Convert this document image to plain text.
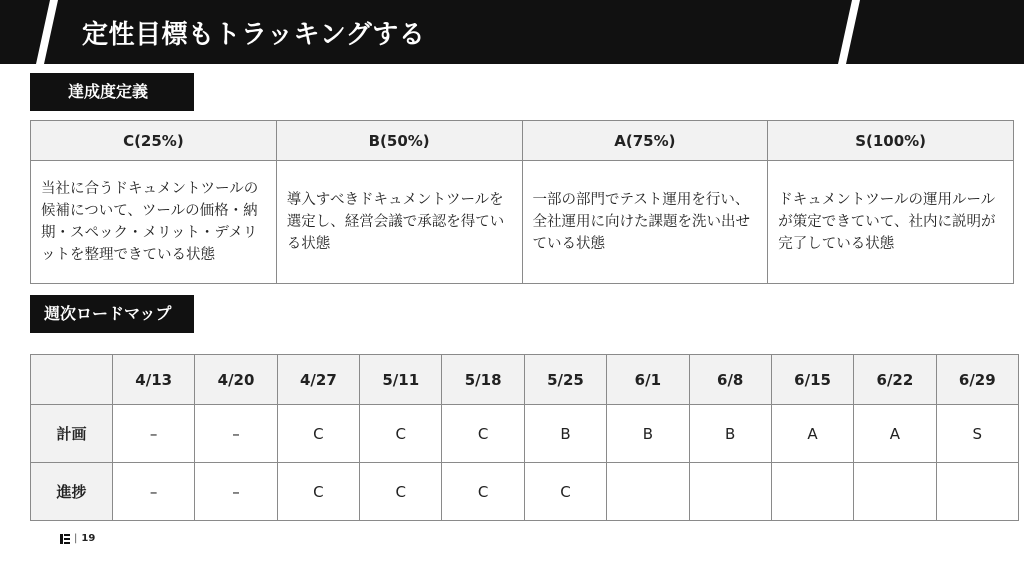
定性目標もトラッキングする
達成度定義
C(25%)	B(50%)	A(75%)	S(100%)
当社に合うドキュメントツールの候補について、ツールの価格・納期・スペック・メリット・デメリットを整理できている状態	導入すべきドキュメントツールを選定し、経営会議で承認を得ている状態	一部の部門でテスト運用を行い、全社運用に向けた課題を洗い出せている状態	ドキュメントツールの運用ルールが策定できていて、社内に説明が完了している状態
週次ロードマップ
	4/13	4/20	4/27	5/11	5/18	5/25	6/1	6/8	6/15	6/22	6/29
計画	–	–	C	C	C	B	B	B	A	A	S
進捗	–	–	C	C	C	C					
| 19
